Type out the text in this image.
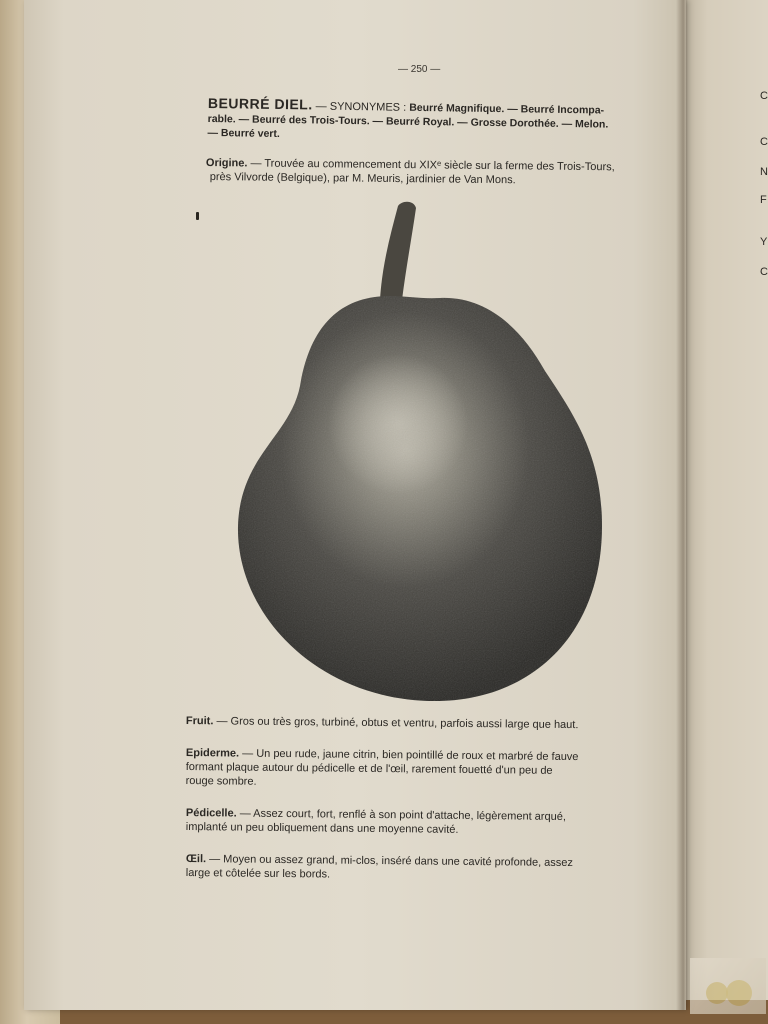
— 250 —
BEURRÉ DIEL. — SYNONYMES : Beurré Magnifique. — Beurré Incompa-
rable. — Beurré des Trois-Tours. — Beurré Royal. — Grosse Dorothée. — Melon.
— Beurré vert.
Origine. — Trouvée au commencement du XIXᵉ siècle sur la ferme des Trois-Tours,
près Vilvorde (Belgique), par M. Meuris, jardinier de Van Mons.
Fruit. — Gros ou très gros, turbiné, obtus et ventru, parfois aussi large que haut.
Epiderme. — Un peu rude, jaune citrin, bien pointillé de roux et marbré de fauve
formant plaque autour du pédicelle et de l'œil, rarement fouetté d'un peu de
rouge sombre.
Pédicelle. — Assez court, fort, renflé à son point d'attache, légèrement arqué,
implanté un peu obliquement dans une moyenne cavité.
Œil. — Moyen ou assez grand, mi-clos, inséré dans une cavité profonde, assez
large et côtelée sur les bords.
C
C
N
F
Y
C
